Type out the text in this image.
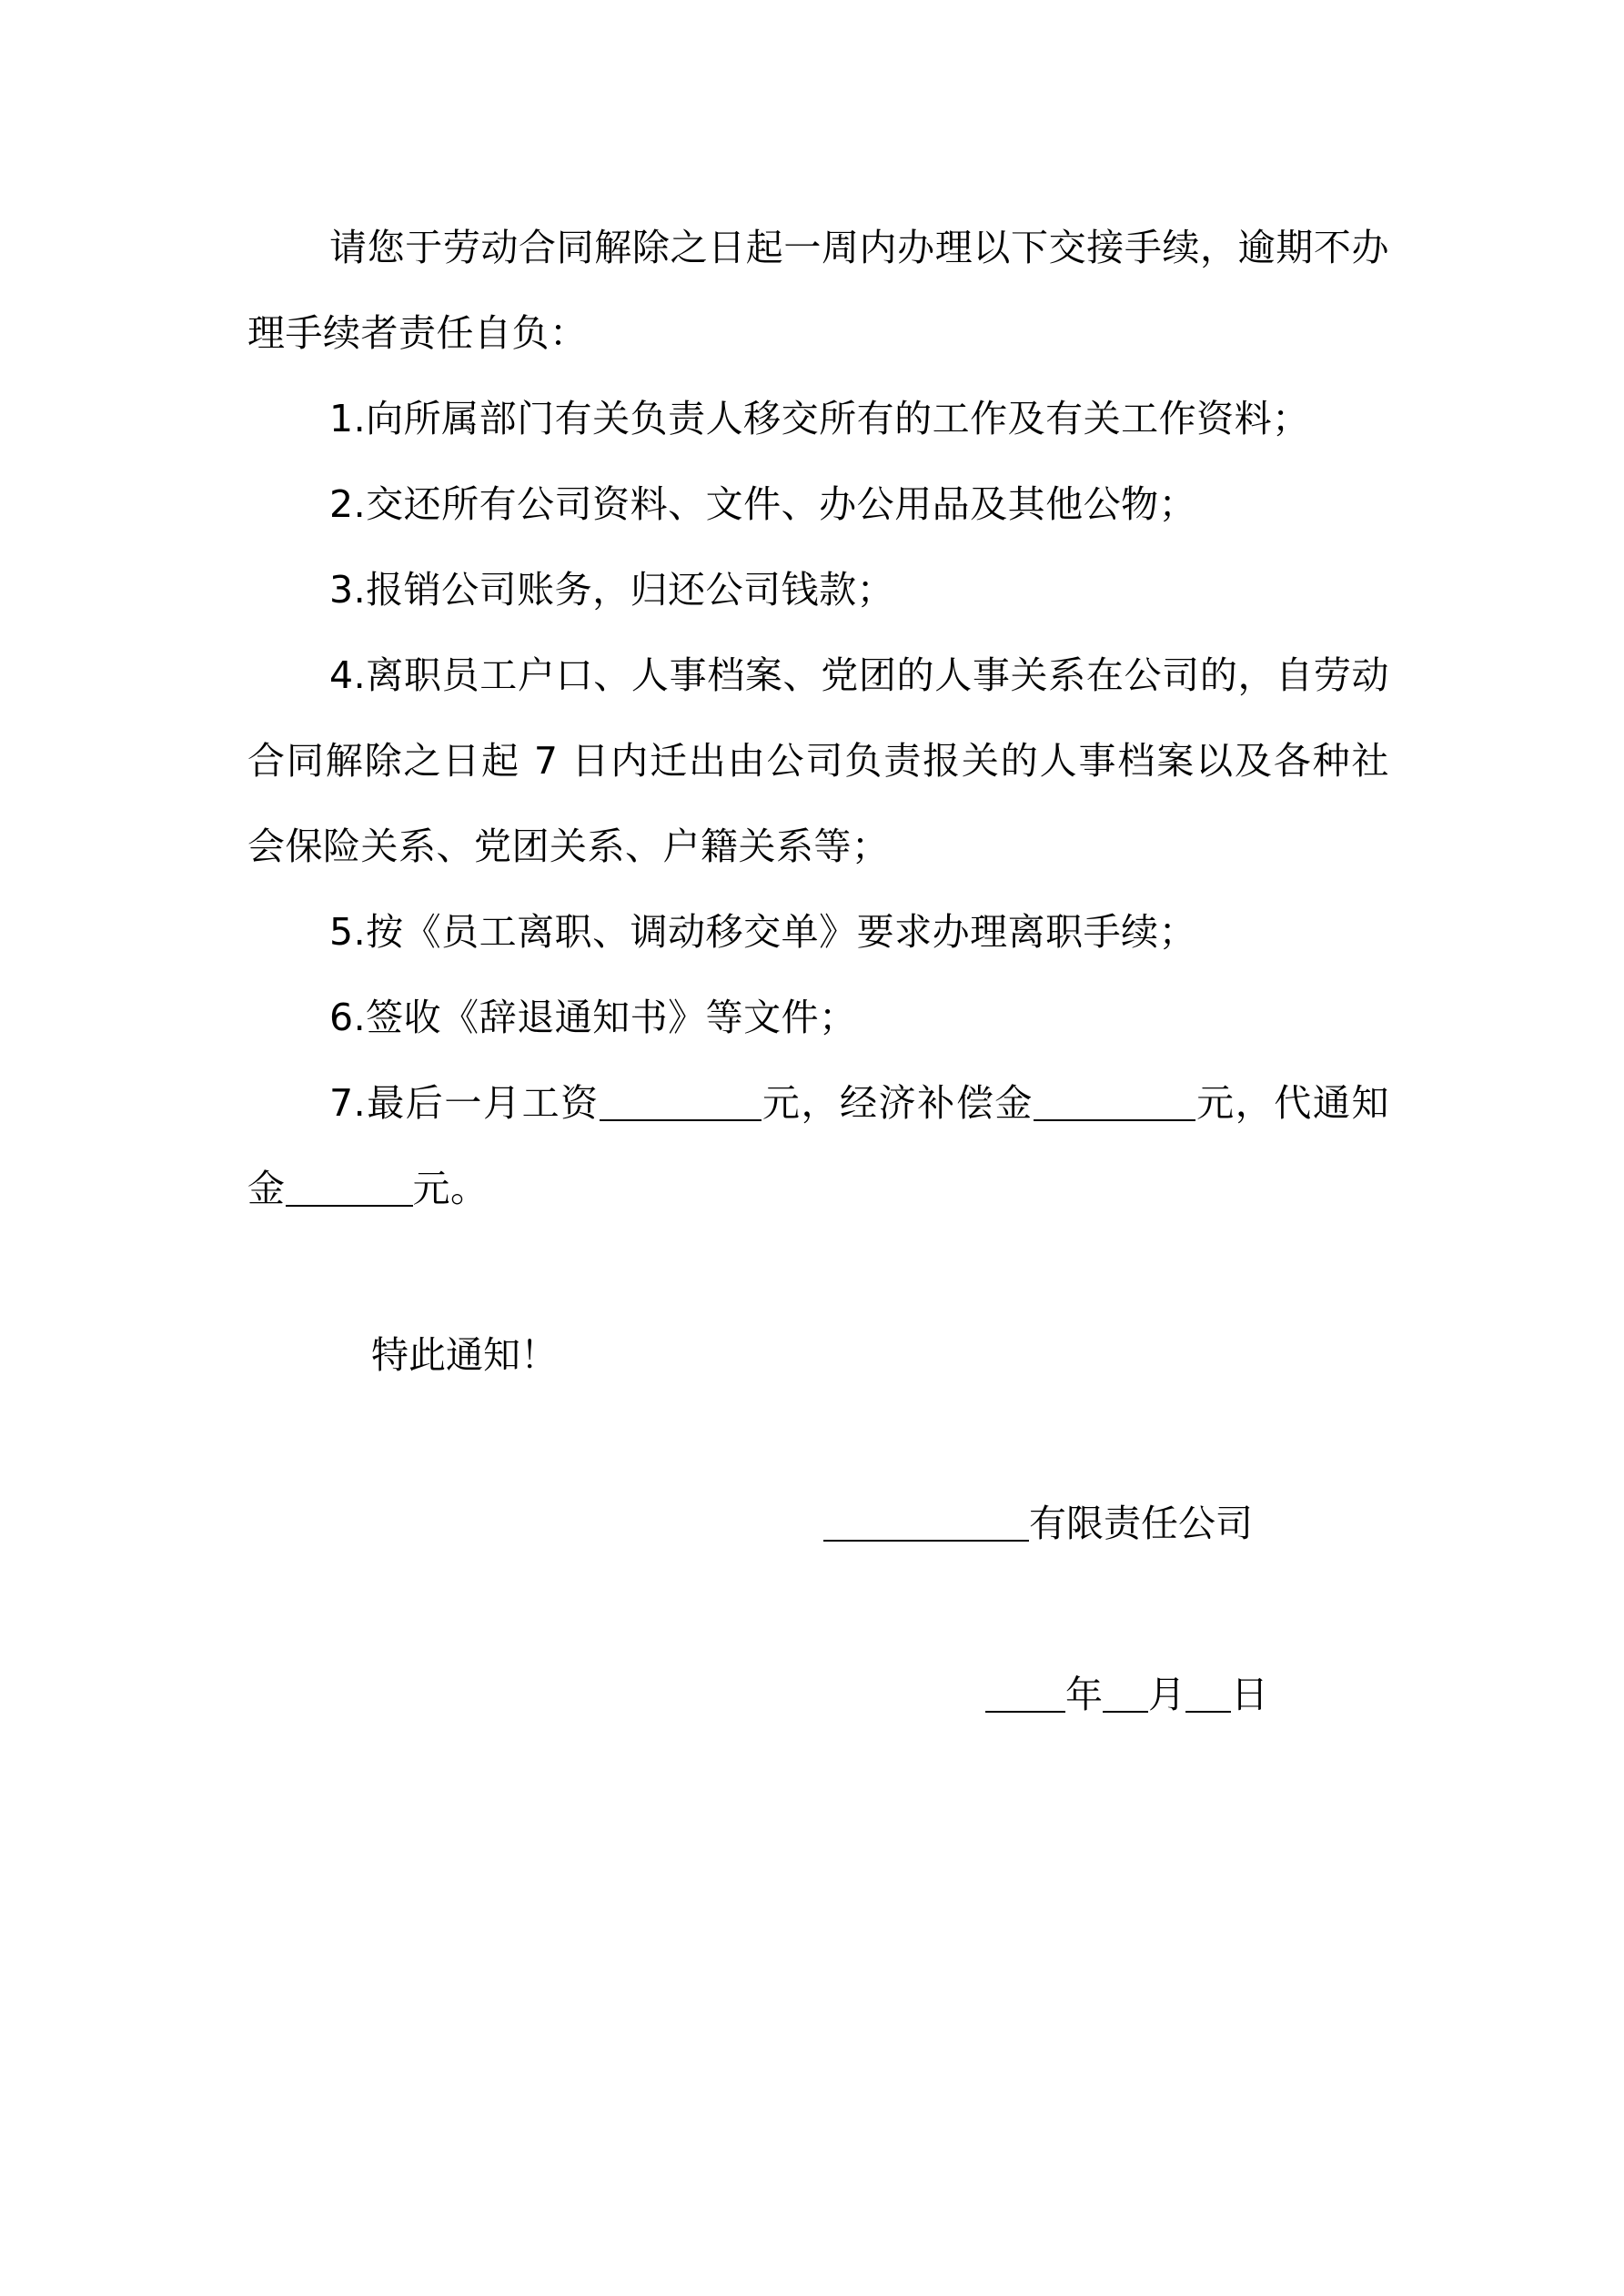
请您于劳动合同解除之日起一周内办理以下交接手续，逾期不办理手续者责任自负：

1.向所属部门有关负责人移交所有的工作及有关工作资料；

2.交还所有公司资料、文件、办公用品及其他公物；

3.报销公司账务，归还公司钱款；

4.离职员工户口、人事档案、党团的人事关系在公司的，自劳动合同解除之日起 7 日内迁出由公司负责报关的人事档案以及各种社会保险关系、党团关系、户籍关系等；

5.按《员工离职、调动移交单》要求办理离职手续；

6.签收《辞退通知书》等文件；

7.最后一月工资	元，经济补偿金	元，代通知金	元。

特此通知！

有限责任公司

年 月 日
